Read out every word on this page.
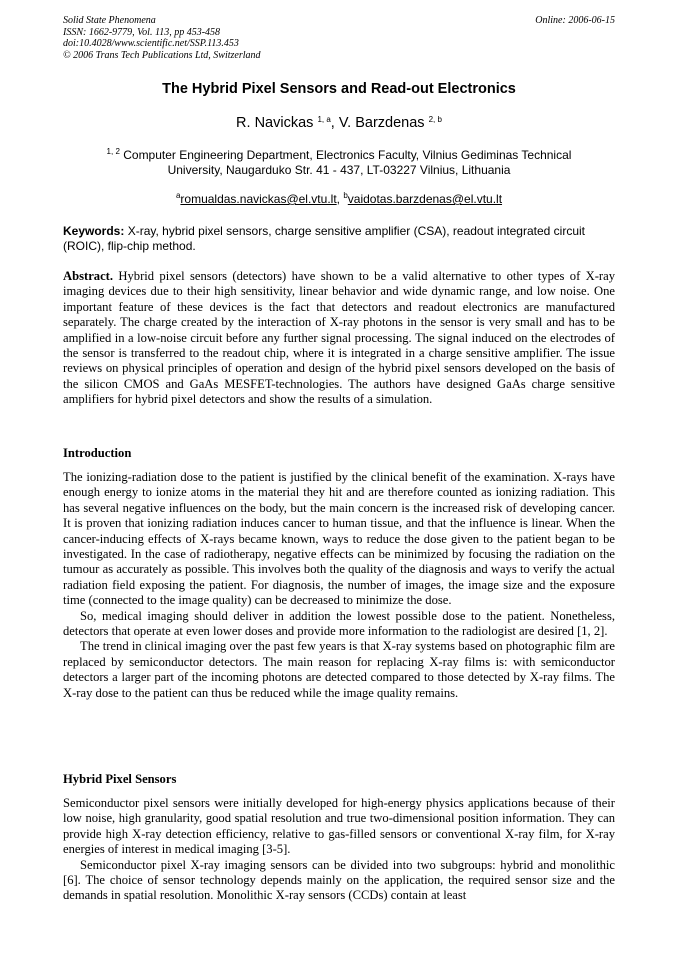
Solid State Phenomena
ISSN: 1662-9779, Vol. 113, pp 453-458
doi:10.4028/www.scientific.net/SSP.113.453
© 2006 Trans Tech Publications Ltd, Switzerland
Online: 2006-06-15
The Hybrid Pixel Sensors and Read-out Electronics
R. Navickas $^{1, a}$, V. Barzdenas $^{2, b}$
$^{1, 2}$ Computer Engineering Department, Electronics Faculty, Vilnius Gediminas Technical
University, Naugarduko Str. 41 - 437, LT-03227 Vilnius, Lithuania
$^a$romualdas.navickas@el.vtu.lt, $^b$vaidotas.barzdenas@el.vtu.lt
Keywords: X-ray, hybrid pixel sensors, charge sensitive amplifier (CSA), readout integrated circuit (ROIC), flip-chip method.

Abstract. Hybrid pixel sensors (detectors) have shown to be a valid alternative to other types of X-ray imaging devices due to their high sensitivity, linear behavior and wide dynamic range, and low noise. One important feature of these devices is the fact that detectors and readout electronics are manufactured separately. The charge created by the interaction of X-ray photons in the sensor is very small and has to be amplified in a low-noise circuit before any further signal processing. The signal induced on the electrodes of the sensor is transferred to the readout chip, where it is integrated in a charge sensitive amplifier. The issue reviews on physical principles of operation and design of the hybrid pixel sensors developed on the basis of the silicon CMOS and GaAs MESFET-technologies. The authors have designed GaAs charge sensitive amplifiers for hybrid pixel detectors and show the results of a simulation.

Introduction

The ionizing-radiation dose to the patient is justified by the clinical benefit of the examination. X-rays have enough energy to ionize atoms in the material they hit and are therefore counted as ionizing radiation. This has several negative influences on the body, but the main concern is the increased risk of developing cancer. It is proven that ionizing radiation induces cancer to human tissue, and that the influence is linear. When the cancer-inducing effects of X-rays became known, ways to reduce the dose given to the patient began to be investigated. In the case of radiotherapy, negative effects can be minimized by focusing the radiation on the tumour as accurately as possible. This involves both the quality of the diagnosis and ways to verify the actual radiation field exposing the patient. For diagnosis, the number of images, the image size and the exposure time (connected to the image quality) can be decreased to minimize the dose.

So, medical imaging should deliver in addition the lowest possible dose to the patient. Nonetheless, detectors that operate at even lower doses and provide more information to the radiologist are desired [1, 2].

The trend in clinical imaging over the past few years is that X-ray systems based on photographic film are replaced by semiconductor detectors. The main reason for replacing X-ray films is: with semiconductor detectors a larger part of the incoming photons are detected compared to those detected by X-ray films. The X-ray dose to the patient can thus be reduced while the image quality remains.

Hybrid Pixel Sensors

Semiconductor pixel sensors were initially developed for high-energy physics applications because of their low noise, high granularity, good spatial resolution and true two-dimensional position information. They can provide high X-ray detection efficiency, relative to gas-filled sensors or conventional X-ray film, for X-ray energies of interest in medical imaging [3-5].

Semiconductor pixel X-ray imaging sensors can be divided into two subgroups: hybrid and monolithic [6]. The choice of sensor technology depends mainly on the application, the required sensor size and the demands in spatial resolution. Monolithic X-ray sensors (CCDs) contain at least
